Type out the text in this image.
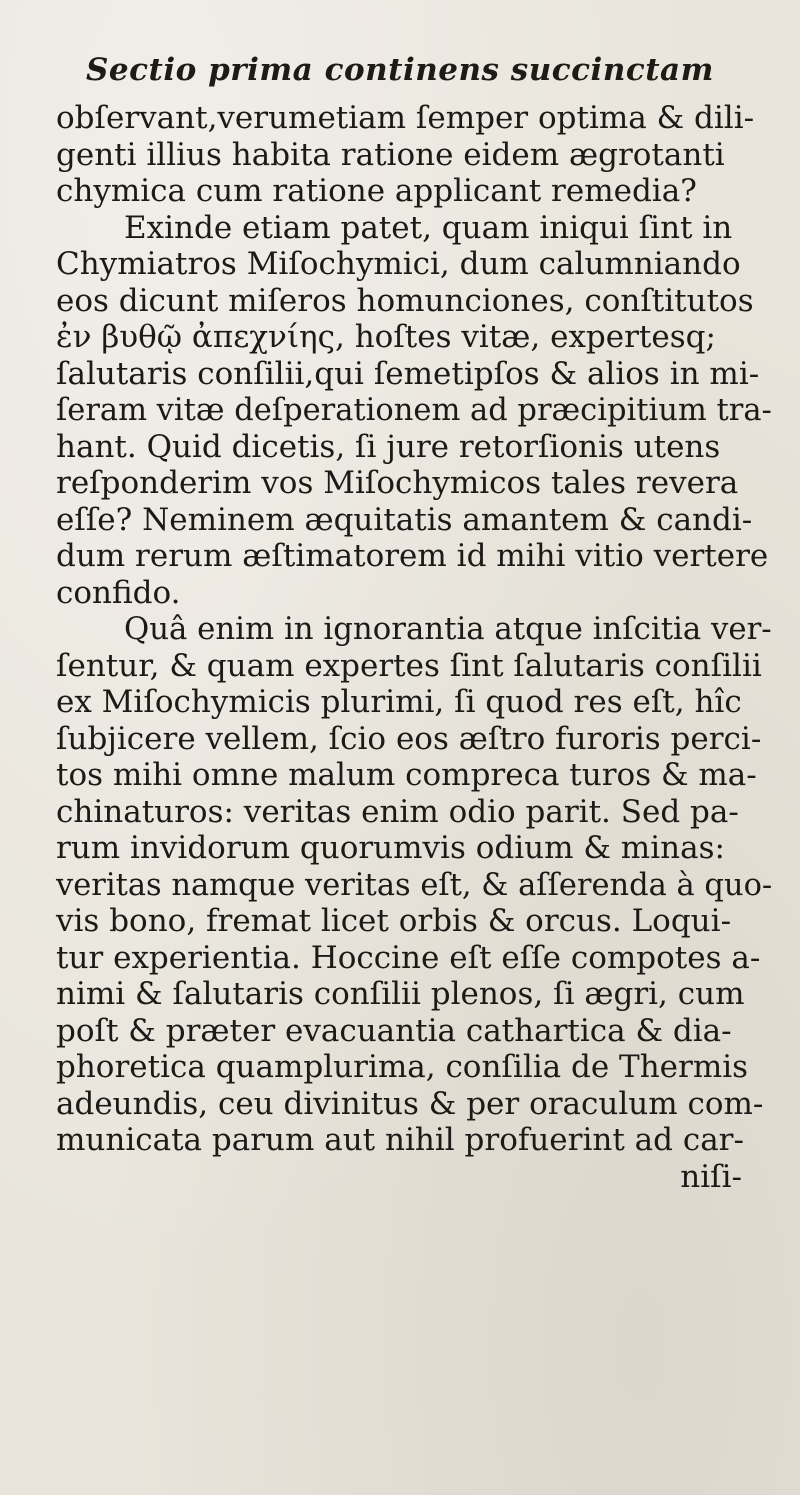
Sectio prima continens succinctam
obſervant,verumetiam ſemper optima & dili-
genti illius habita ratione eidem ægrotanti
chymica cum ratione applicant remedia?
Exinde etiam patet, quam iniqui ſint in
Chymiatros Miſochymici, dum calumniando
eos dicunt miſeros homunciones, conſtitutos
ἐν βυθῷ ἀπεχνίης, hoſtes vitæ, expertesq;
ſalutaris conſilii,qui ſemetipſos & alios in mi-
ſeram vitæ deſperationem ad præcipitium tra-
hant. Quid dicetis, ſi jure retorſionis utens
reſponderim vos Miſochymicos tales revera
eſſe? Neminem æquitatis amantem & candi-
dum rerum æſtimatorem id mihi vitio vertere
confido.
Quâ enim in ignorantia atque inſcitia ver-
ſentur, & quam expertes ſint ſalutaris conſilii
ex Miſochymicis plurimi, ſi quod res eſt, hîc
ſubjicere vellem, ſcio eos æſtro furoris perci-
tos mihi omne malum compreca turos & ma-
chinaturos: veritas enim odio parit. Sed pa-
rum invidorum quorumvis odium & minas:
veritas namque veritas eſt, & aſſerenda à quo-
vis bono, fremat licet orbis & orcus. Loqui-
tur experientia. Hoccine eſt eſſe compotes a-
nimi & ſalutaris conſilii plenos, ſi ægri, cum
poſt & præter evacuantia cathartica & dia-
phoretica quamplurima, conſilia de Thermis
adeundis, ceu divinitus & per oraculum com-
municata parum aut nihil profuerint ad car-
niſi-
